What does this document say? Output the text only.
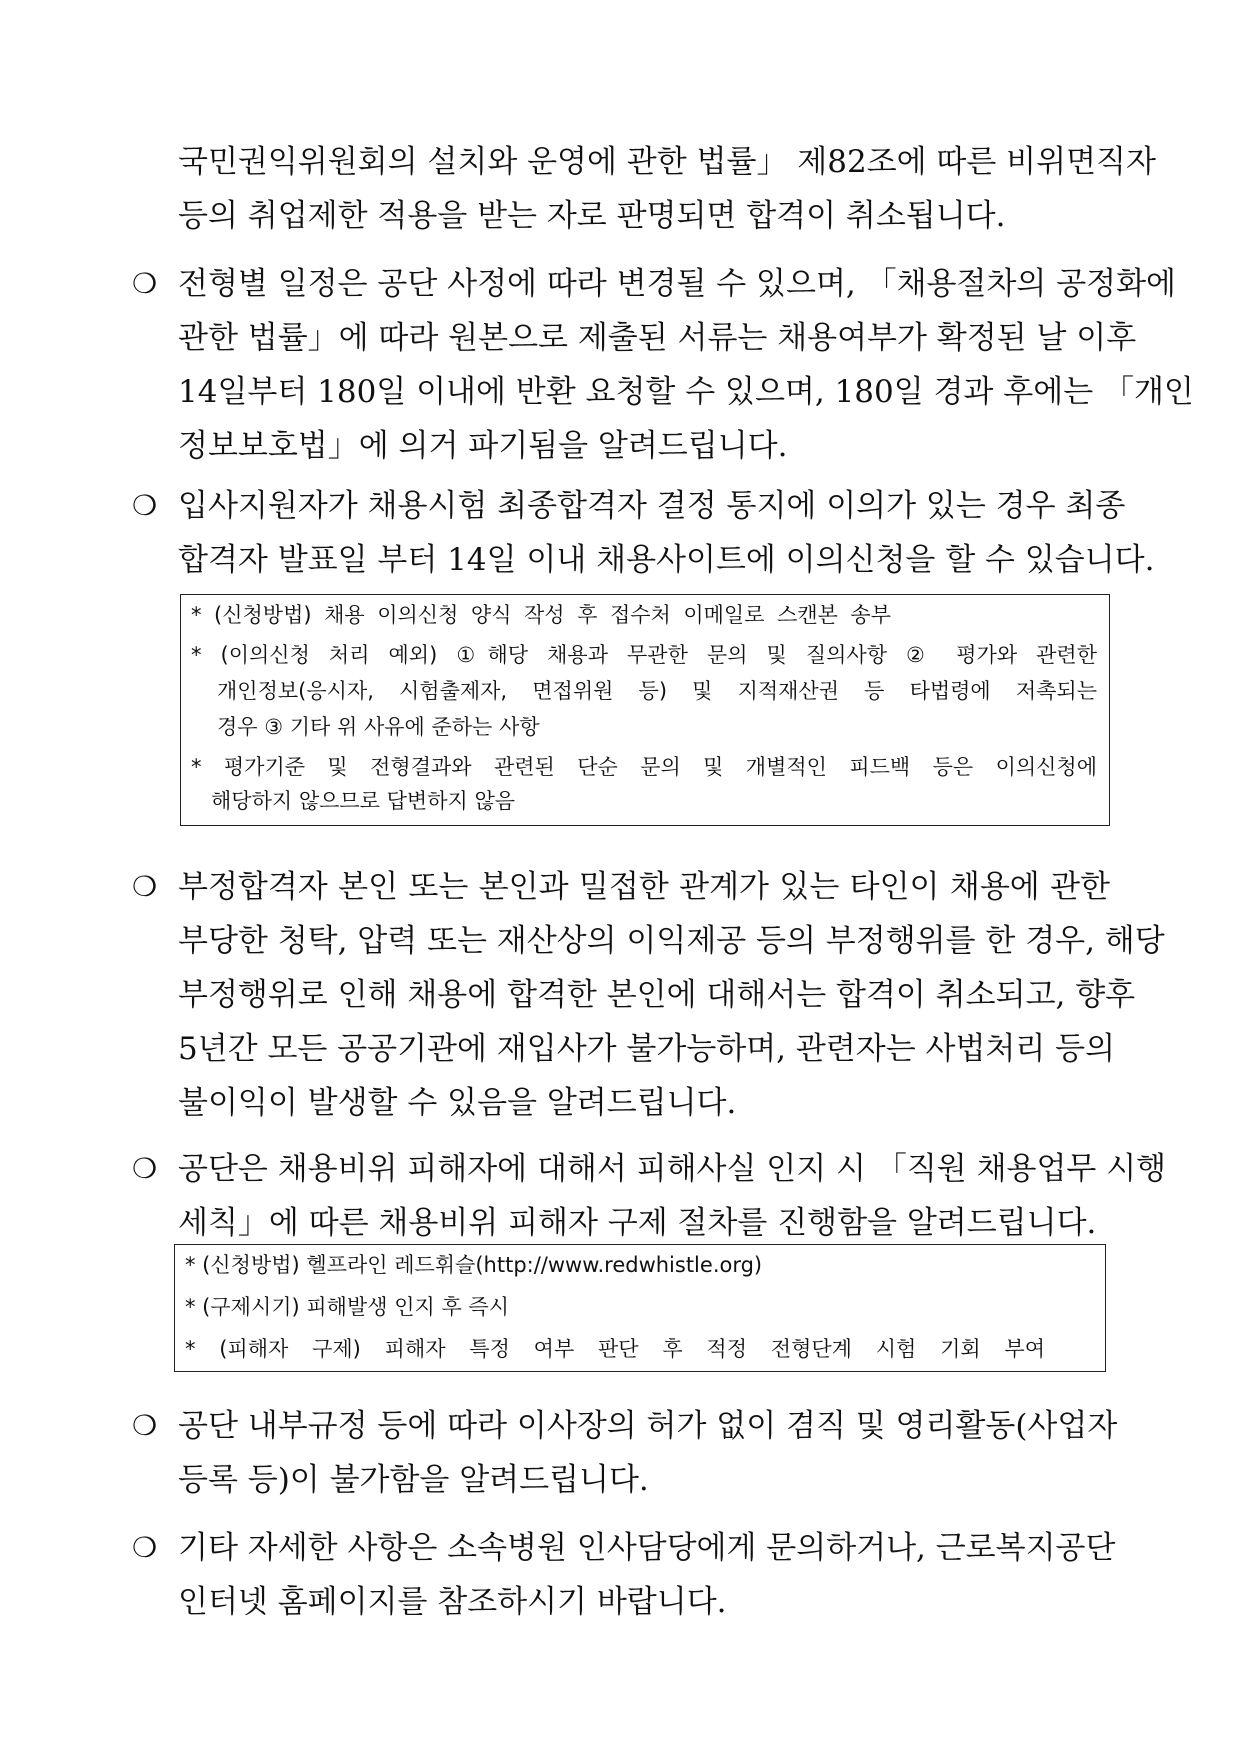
국민권익위원회의 설치와 운영에 관한 법률」 제82조에 따른 비위면직자
등의 취업제한 적용을 받는 자로 판명되면 합격이 취소됩니다.
❍ 전형별 일정은 공단 사정에 따라 변경될 수 있으며, 「채용절차의 공정화에
관한 법률」에 따라 원본으로 제출된 서류는 채용여부가 확정된 날 이후
14일부터 180일 이내에 반환 요청할 수 있으며, 180일 경과 후에는 「개인
정보보호법」에 의거 파기됨을 알려드립니다.
❍ 입사지원자가 채용시험 최종합격자 결정 통지에 이의가 있는 경우 최종
합격자 발표일 부터 14일 이내 채용사이트에 이의신청을 할 수 있습니다.
* (신청방법) 채용 이의신청 양식 작성 후 접수처 이메일로 스캔본 송부
* (이의신청 처리 예외) ①해당 채용과 무관한 문의 및 질의사항 ② 평가와 관련한
개인정보(응시자, 시험출제자, 면접위원 등) 및 지적재산권 등 타법령에 저촉되는
경우 ③ 기타 위 사유에 준하는 사항
* 평가기준 및 전형결과와 관련된 단순 문의 및 개별적인 피드백 등은 이의신청에
해당하지 않으므로 답변하지 않음
❍ 부정합격자 본인 또는 본인과 밀접한 관계가 있는 타인이 채용에 관한
부당한 청탁, 압력 또는 재산상의 이익제공 등의 부정행위를 한 경우, 해당
부정행위로 인해 채용에 합격한 본인에 대해서는 합격이 취소되고, 향후
5년간 모든 공공기관에 재입사가 불가능하며, 관련자는 사법처리 등의
불이익이 발생할 수 있음을 알려드립니다.
❍ 공단은 채용비위 피해자에 대해서 피해사실 인지 시 「직원 채용업무 시행
세칙」에 따른 채용비위 피해자 구제 절차를 진행함을 알려드립니다.
* (신청방법) 헬프라인 레드휘슬(http://www.redwhistle.org)
* (구제시기) 피해발생 인지 후 즉시
* (피해자 구제) 피해자 특정 여부 판단 후 적정 전형단계 시험 기회 부여
❍ 공단 내부규정 등에 따라 이사장의 허가 없이 겸직 및 영리활동(사업자
등록 등)이 불가함을 알려드립니다.
❍ 기타 자세한 사항은 소속병원 인사담당에게 문의하거나, 근로복지공단
인터넷 홈페이지를 참조하시기 바랍니다.
